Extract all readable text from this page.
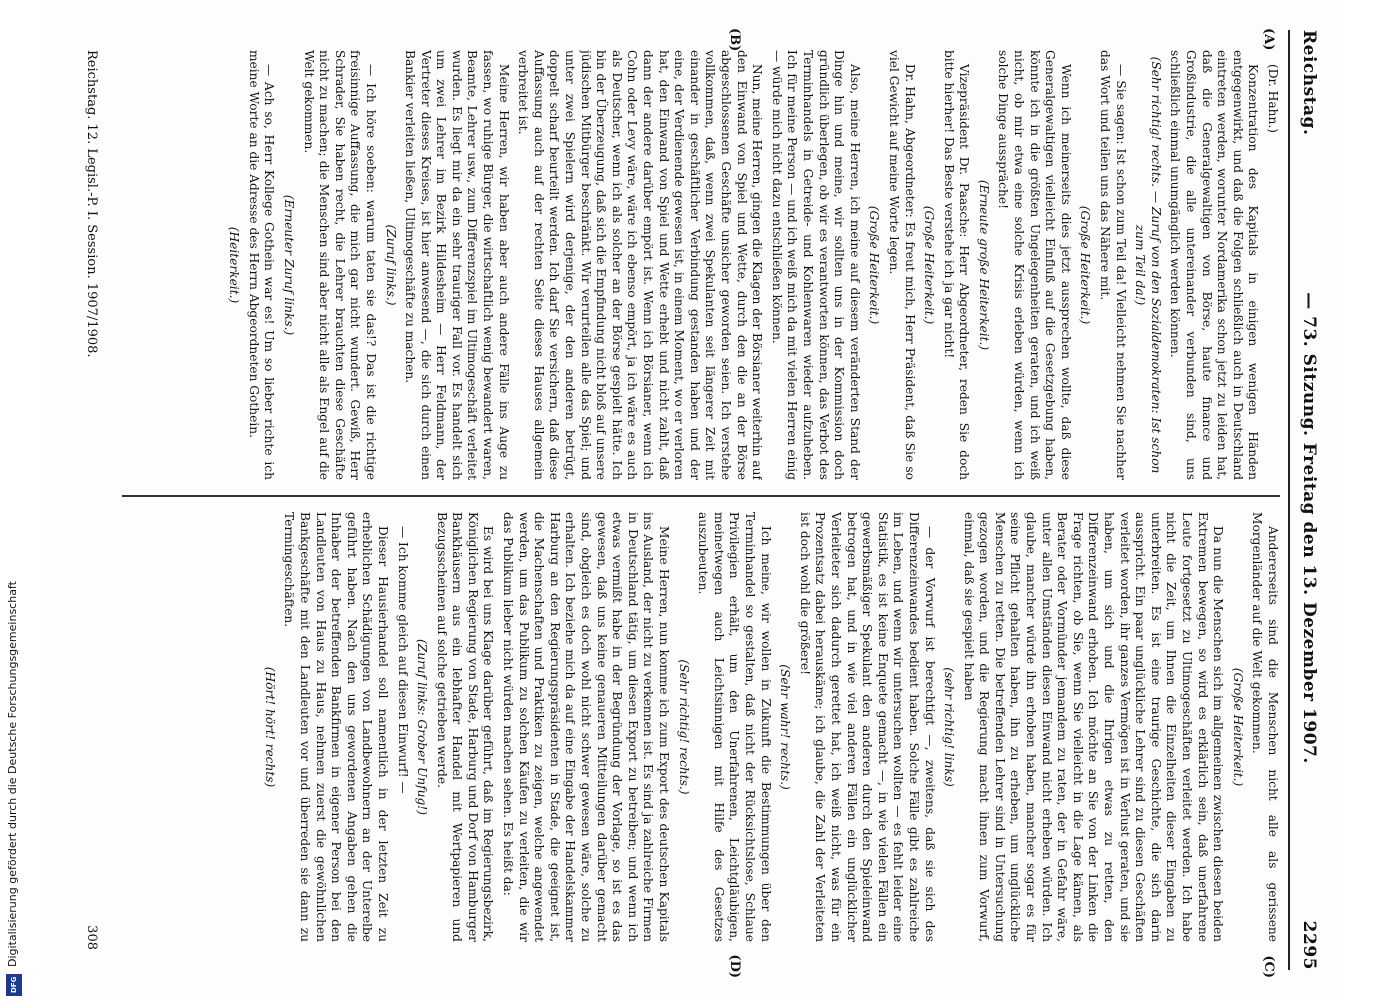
Digitalisierung gefördert durch die Deutsche Forschungsgemeinschaft
DFG
Reichstag.
— 73. Sitzung. Freitag den 13. Dezember 1907.
2295
(A)
(B)
(C)
(D)

(Dr. Hahn.)

Konzentration des Kapitals in einigen wenigen Händen entgegenwirkt, und daß die Folgen schließlich auch in Deutschland eintreten werden, worunter Nordamerika schon jetzt zu leiden hat, daß die Generalgewaltigen von Börse, haute finance und Großindustrie, die alle untereinander verbunden sind, uns schließlich einmal unumgänglich werden können.

(Sehr richtig! rechts. — Zuruf von den Sozialdemokraten: Ist schon zum Teil da!)

— Sie sagen: Ist schon zum Teil da! Vielleicht nehmen Sie nachher das Wort und teilen uns das Nähere mit.

(Große Heiterkeit.)

Wenn ich meinerseits dies jetzt aussprechen wollte, daß diese Generalgewaltigen vielleicht Einfluß auf die Gesetzgebung haben, könnte ich in die größten Ungelegenheiten geraten, und ich weiß nicht, ob mir etwa eine solche Krisis erleben würden, wenn ich solche Dinge ausspräche!

(Erneute große Heiterkeit.)

Vizepräsident Dr. Paasche: Herr Abgeordneter, reden Sie doch bitte hierher! Das Beste verstehe ich ja gar nicht!

(Große Heiterkeit.)

Dr. Hahn, Abgeordneter: Es freut mich, Herr Präsident, daß Sie so viel Gewicht auf meine Worte legen.

(Große Heiterkeit.)

Also, meine Herren, ich meine auf diesem veränderten Stand der Dinge hin und meine, wir sollten uns in der Kommission doch gründlich überlegen, ob wir es verantworten können, das Verbot des Terminhandels in Getreide- und Kohlenwaren wieder aufzuheben. Ich für meine Person — und ich weiß mich da mit vielen Herren einig — würde mich nicht dazu entschließen können.

Nun, meine Herren, gingen die Klagen der Börsianer weiterhin auf den Einwand von Spiel und Wette, durch den die an der Börse abgeschlossenen Geschäfte unsicher geworden seien. Ich verstehe vollkommen, daß, wenn zwei Spekulanten seit längerer Zeit mit einander in geschäftlicher Verbindung gestanden haben und der eine, der Verdienende gewesen ist, in einem Moment, wo er verloren hat, den Einwand von Spiel und Wette erhebt und nicht zahlt, daß dann der andere darüber empört ist. Wenn ich Börsianer, wenn ich Cohn oder Levy wäre, wäre ich ebenso empört, ja ich wäre es auch als Deutscher, wenn ich als solcher an der Börse gespielt hätte. Ich bin der Überzeugung, daß sich die Empfindung nicht bloß auf unsere jüdischen Mitbürger beschränkt. Wir verurteilen alle das Spiel; und unter zwei Spielern wird derjenige, der den anderen betrügt, doppelt scharf beurteilt werden. Ich darf Sie versichern, daß diese Auffassung auch auf der rechten Seite dieses Hauses allgemein verbreitet ist.

Meine Herren, wir haben aber auch andere Fälle ins Auge zu fassen, wo ruhige Bürger, die wirtschaftlich wenig bewandert waren, Beamte, Lehrer usw., zum Differenzspiel im Ultimogeschäft verleitet wurden. Es liegt mir da ein sehr trauriger Fall vor. Es handelt sich um zwei Lehrer im Bezirk Hildesheim — Herr Feldmann, der Vertreter dieses Kreises, ist hier anwesend —, die sich durch einen Bankier verleiten ließen, Ultimogeschäfte zu machen.

(Zuruf links.)

— Ich höre soeben: warum taten sie das!? Das ist die richtige freisinnige Auffassung, die mich gar nicht wundert. Gewiß, Herr Schrader, Sie haben recht, die Lehrer brauchten diese Geschäfte nicht zu machen; die Menschen sind aber nicht alle als Engel auf die Welt gekommen.

(Erneuter Zuruf links.)

— Ach so, Herr Kollege Gothein war es! Um so lieber richte ich meine Worte an die Adresse des Herrn Abgeordneten Gothein.

(Heiterkeit.)

Andererseits sind die Menschen nicht alle als gerissene Morgenländer auf die Welt gekommen.

(Große Heiterkeit.)

Da nun die Menschen sich im allgemeinen zwischen diesen beiden Extremen bewegen, so wird es erklärlich sein, daß unerfahrene Leute fortgesetzt zu Ultimogeschäften verleitet werden. Ich habe nicht die Zeit, um Ihnen die Einzelheiten dieser Eingaben zu unterbreiten. Es ist eine traurige Geschichte, die sich darin ausspricht. Ein paar unglückliche Lehrer sind zu diesen Geschäften verleitet worden, ihr ganzes Vermögen ist in Verlust geraten, und sie haben, um sich und die Ihrigen etwas zu retten, den Differenzeinwand erhoben. Ich möchte an Sie von der Linken die Frage richten, ob Sie, wenn Sie vielleicht in die Lage kämen, als Berater oder Vormünder jemandem zu raten, der in Gefahr wäre, unter allen Umständen diesen Einwand nicht erheben würden. Ich glaube, mancher würde ihn erhoben haben, mancher sogar es für seine Pflicht gehalten haben, ihn zu erheben, um unglückliche Menschen zu retten. Die betreffenden Lehrer sind in Untersuchung gezogen worden, und die Regierung macht ihnen zum Vorwurf, einmal, daß sie gespielt haben

(sehr richtig! links)

— der Vorwurf ist berechtigt —, zweitens, daß sie sich des Differenzeinwandes bedient haben. Solche Fälle gibt es zahlreiche im Leben, und wenn wir untersuchen wollten — es fehlt leider eine Statistik, es ist keine Enquete gemacht —, in wie vielen Fällen ein gewerbsmäßiger Spekulant den anderen durch den Spieleinwand betrogen hat, und in wie viel anderen Fällen ein unglücklicher Verleiteter sich dadurch gerettet hat, ich weiß nicht, was für ein Prozentsatz dabei herauskäme; ich glaube, die Zahl der Verleiteten ist doch wohl die größere!

(Sehr wahr! rechts.)

Ich meine, wir wollen in Zukunft die Bestimmungen über den Terminhandel so gestalten, daß nicht der Rücksichtslose, Schlaue Privilegien erhält, um den Unerfahrenen, Leichtgläubigen, meinetwegen auch Leichtsinnigen mit Hilfe des Gesetzes auszubeuten.

(Sehr richtig! rechts.)

Meine Herren, nun komme ich zum Export des deutschen Kapitals ins Ausland, der nicht zu verkennen ist. Es sind ja zahlreiche Firmen in Deutschland tätig, um diesen Export zu betreiben; und wenn ich etwas vermißt habe in der Begründung der Vorlage, so ist es das gewesen, daß uns keine genaueren Mitteilungen darüber gemacht sind, obgleich es doch wohl nicht schwer gewesen wäre, solche zu erhalten. Ich beziehe mich da auf eine Eingabe der Handelskammer Harburg an den Regierungspräsidenten in Stade, die geeignet ist, die Machenschaften und Praktiken zu zeigen, welche angewendet werden, um das Publikum zu solchen Käufen zu verleiten, die wir das Publikum lieber nicht würden machen sehen. Es heißt da:

Es wird bei uns Klage darüber geführt, daß im Regierungsbezirk, Königlichen Regierung von Stade, Harburg und Dorf von Hamburger Bankhäusern aus ein lebhafter Handel mit Wertpapieren und Bezugsscheinen auf solche getrieben werde.

(Zuruf links: Grober Unfug!)

— Ich komme gleich auf diesen Einwurf! —

Dieser Hausierhandel soll namentlich in der letzten Zeit zu erheblichen Schädigungen von Landbewohnern an der Unterelbe geführt haben. Nach den uns gewordenen Angaben gehen die Inhaber der betreffenden Bankfirmen in eigener Person bei den Landleuten von Haus zu Haus, nehmen zuerst die gewöhnlichen Bankgeschäfte mit den Landleuten vor und überreden sie dann zu Termingeschäften.

(Hört! hört! rechts)

Reichstag. 12. Legisl.-P. I. Session. 1907/1908.
308
